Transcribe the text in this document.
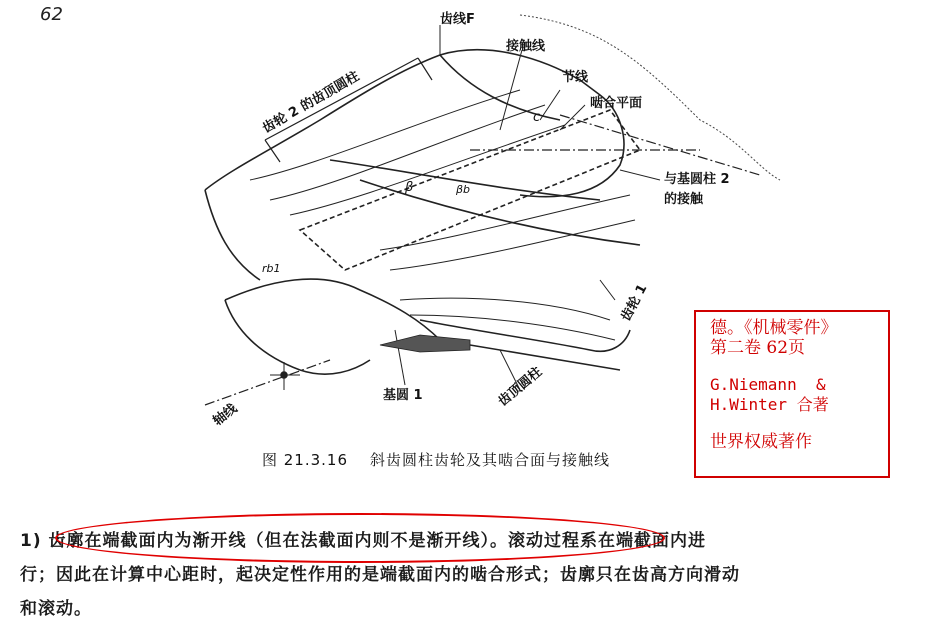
62
齿轮 2 的齿顶圆柱
齿线F
接触线
节线
啮合平面
与基圆柱 2
的接触
齿轮 1
齿顶圆柱
基圆 1
轴线
β	βb
rb1
c
图 21.3.16 斜齿圆柱齿轮及其啮合面与接触线
德。《机械零件》
第二卷 62页
G.Niemann  &
H.Winter 合著
世界权威著作

1) 齿廓在端截面内为渐开线（但在法截面内则不是渐开线）。滚动过程系在端截面内进

行；因此在计算中心距时，起决定性作用的是端截面内的啮合形式；齿廓只在齿高方向滑动

和滚动。
